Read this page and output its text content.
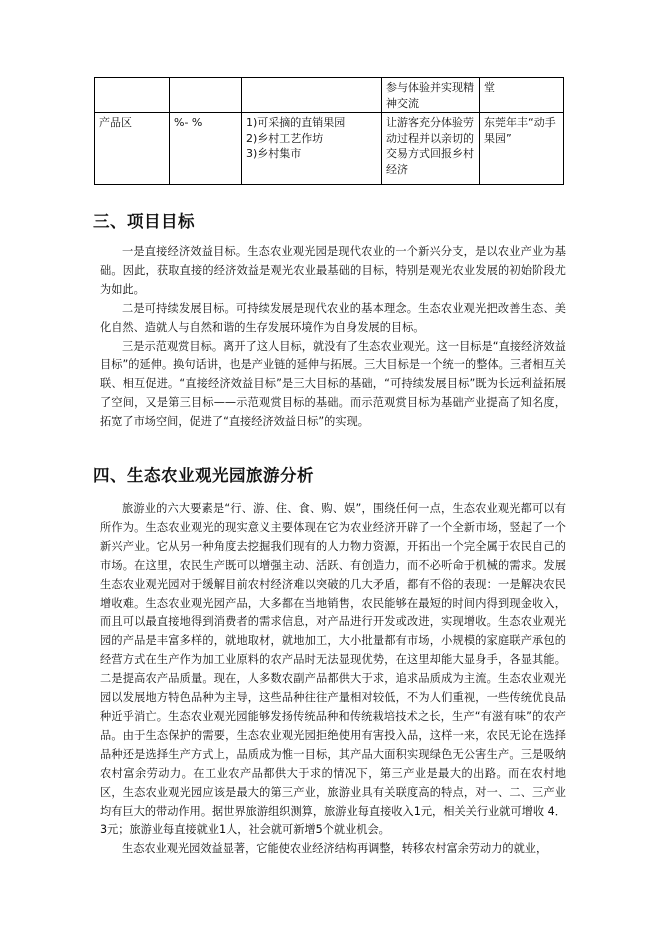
			参与体验并实现精神交流	堂
产品区	%- %	1)可采摘的直销果园
2)乡村工艺作坊
3)乡村集市	让游客充分体验劳动过程并以亲切的交易方式回报乡村经济	东莞年丰“动手果园”
三、项目目标

一是直接经济效益目标。生态农业观光园是现代农业的一个新兴分支，是以农业产业为基础。因此，获取直接的经济效益是观光农业最基础的目标，特别是观光农业发展的初始阶段尤为如此。

二是可持续发展目标。可持续发展是现代农业的基本理念。生态农业观光把改善生态、美化自然、造就人与自然和谐的生存发展环境作为自身发展的目标。

三是示范观赏目标。离开了这人目标，就没有了生态农业观光。这一目标是“直接经济效益目标”的延伸。换句话讲，也是产业链的延伸与拓展。三大目标是一个统一的整体。三者相互关联、相互促进。“直接经济效益目标”是三大目标的基础，“可持续发展目标”既为长远利益拓展了空间，又是第三目标——示范观赏目标的基础。而示范观赏目标为基础产业提高了知名度，拓宽了市场空间，促进了“直接经济效益日标”的实现。

四、生态农业观光园旅游分析

旅游业的六大要素是“行、游、住、食、购、娱”，围绕任何一点，生态农业观光都可以有所作为。生态农业观光的现实意义主要体现在它为农业经济开辟了一个全新市场，竖起了一个新兴产业。它从另一种角度去挖掘我们现有的人力物力资源，开拓出一个完全属于农民自己的市场。在这里，农民生产既可以增强主动、活跃、有创造力，而不必听命于机械的需求。发展生态农业观光园对于缓解目前农村经济难以突破的几大矛盾，都有不俗的表现：一是解决农民增收难。生态农业观光园产品，大多都在当地销售，农民能够在最短的时间内得到现金收入，而且可以最直接地得到消费者的需求信息，对产品进行开发或改进，实现增收。生态农业观光园的产品是丰富多样的，就地取材，就地加工，大小批量都有市场，小规模的家庭联产承包的经营方式在生产作为加工业原料的农产品时无法显现优势，在这里却能大显身手，各显其能。二是提高农产品质量。现在，人多数农副产品都供大于求，追求品质成为主流。生态农业观光园以发展地方特色品种为主导，这些品种往往产量相对较低，不为人们重视，一些传统优良品种近乎消亡。生态农业观光园能够发扬传统品种和传统栽培技术之长，生产“有滋有味”的农产品。由于生态保护的需要，生态农业观光园拒绝使用有害投入品，这样一来，农民无论在选择品种还是选择生产方式上，品质成为惟一目标，其产品大面积实现绿色无公害生产。三是吸纳农村富余劳动力。在工业农产品都供大于求的情况下，第三产业是最大的出路。而在农村地区，生态农业观光园应该是最大的第三产业，旅游业具有关联度高的特点，对一、二、三产业均有巨大的带动作用。据世界旅游组织测算，旅游业每直接收入1元，相关关行业就可增收 4．3元；旅游业每直接就业1人，社会就可新增5个就业机会。

生态农业观光园效益显著，它能使农业经济结构再调整，转移农村富余劳动力的就业，
